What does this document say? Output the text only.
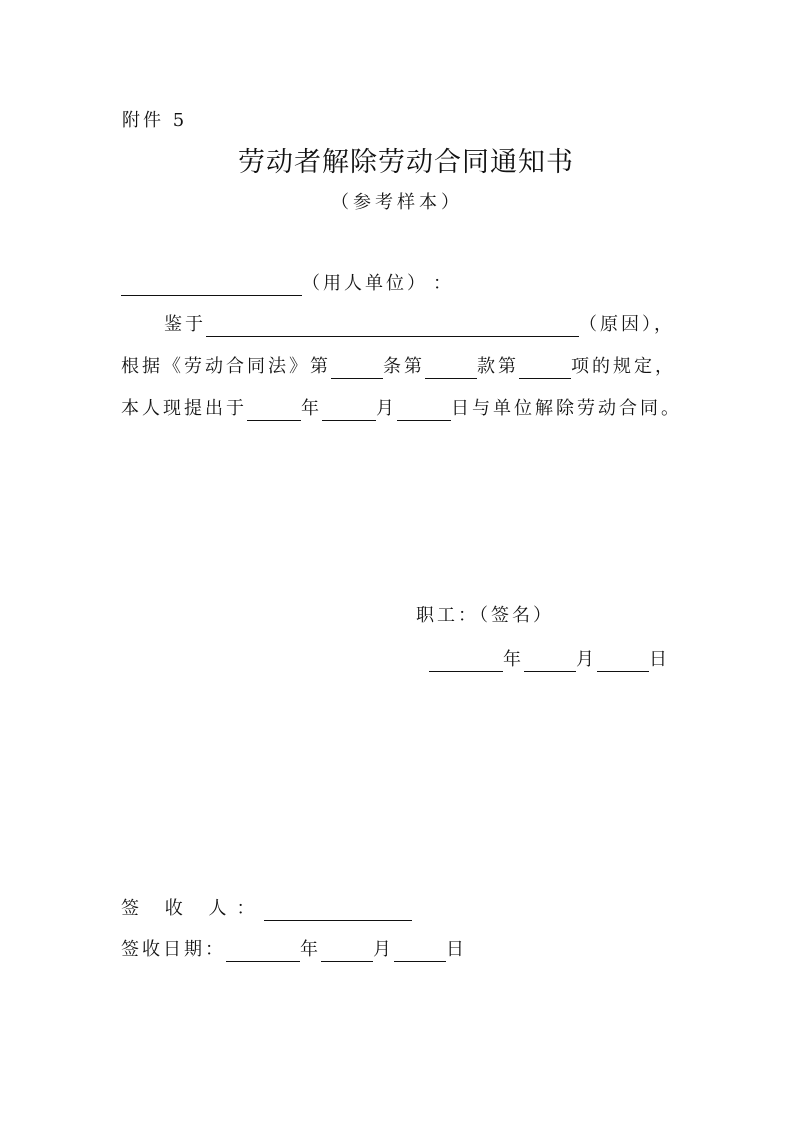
附件 5
劳动者解除劳动合同通知书
（参考样本）
（用人单位） ：
鉴于	（原因），
根据《劳动合同法》第	条第	款第	项的规定，
本人现提出于	年	月	日与单位解除劳动合同。
职工：（签名）
年	月	日
签 收 人：
签收日期：	年	月	日
